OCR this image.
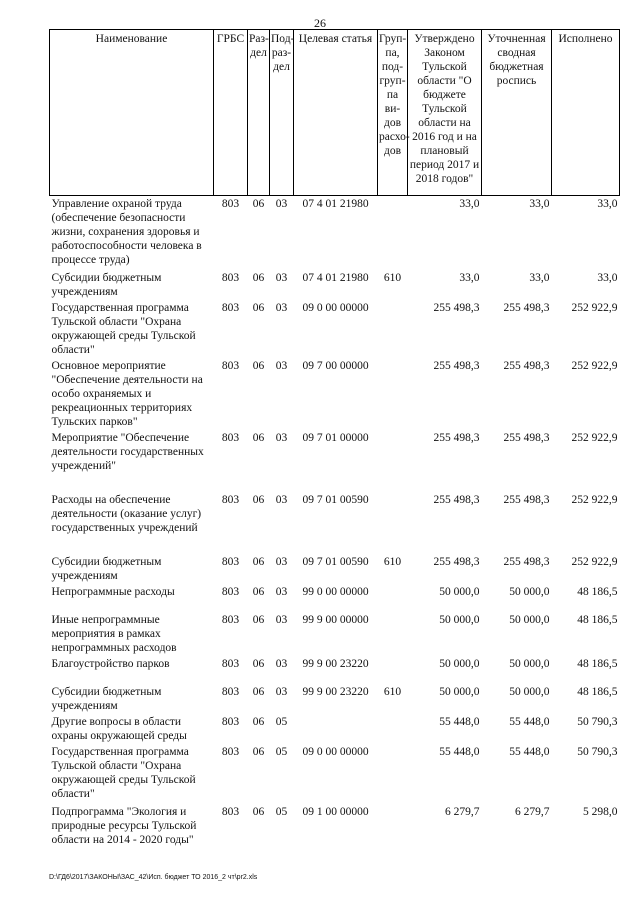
26
Наименование	ГРБС	Раз-дел	Под-раз-дел	Целевая статья	Груп-па, под-груп-па ви-дов расхо-дов	Утверждено Законом Тульской области "О бюджете Тульской области на 2016 год и на плановый период 2017 и 2018 годов"	Уточненная сводная бюджетная роспись	Исполнено
Управление охраной труда (обеспечение безопасности жизни, сохранения здоровья и работоспособности человека в процессе труда)	803	06	03	07 4 01 21980		33,0	33,0	33,0
Субсидии бюджетным учреждениям	803	06	03	07 4 01 21980	610	33,0	33,0	33,0
Государственная программа Тульской области "Охрана окружающей среды Тульской области"	803	06	03	09 0 00 00000		255 498,3	255 498,3	252 922,9
Основное мероприятие "Обеспечение деятельности на особо охраняемых и рекреационных территориях Тульских парков"	803	06	03	09 7 00 00000		255 498,3	255 498,3	252 922,9
Мероприятие "Обеспечение деятельности государственных учреждений"	803	06	03	09 7 01 00000		255 498,3	255 498,3	252 922,9
Расходы на обеспечение деятельности (оказание услуг) государственных учреждений	803	06	03	09 7 01 00590		255 498,3	255 498,3	252 922,9
Субсидии бюджетным учреждениям	803	06	03	09 7 01 00590	610	255 498,3	255 498,3	252 922,9
Непрограммные расходы	803	06	03	99 0 00 00000		50 000,0	50 000,0	48 186,5
Иные непрограммные мероприятия в рамках непрограммных расходов	803	06	03	99 9 00 00000		50 000,0	50 000,0	48 186,5
Благоустройство парков	803	06	03	99 9 00 23220		50 000,0	50 000,0	48 186,5
Субсидии бюджетным учреждениям	803	06	03	99 9 00 23220	610	50 000,0	50 000,0	48 186,5
Другие вопросы в области охраны окружающей среды	803	06	05			55 448,0	55 448,0	50 790,3
Государственная программа Тульской области "Охрана окружающей среды Тульской области"	803	06	05	09 0 00 00000		55 448,0	55 448,0	50 790,3
Подпрограмма "Экология и природные ресурсы Тульской области на 2014 - 2020 годы"	803	06	05	09 1 00 00000		6 279,7	6 279,7	5 298,0
D:\ГД6\2017\ЗАКОНЫ\ЗАС_42\Исп. бюджет ТО 2016_2 чт\pr2.xls
